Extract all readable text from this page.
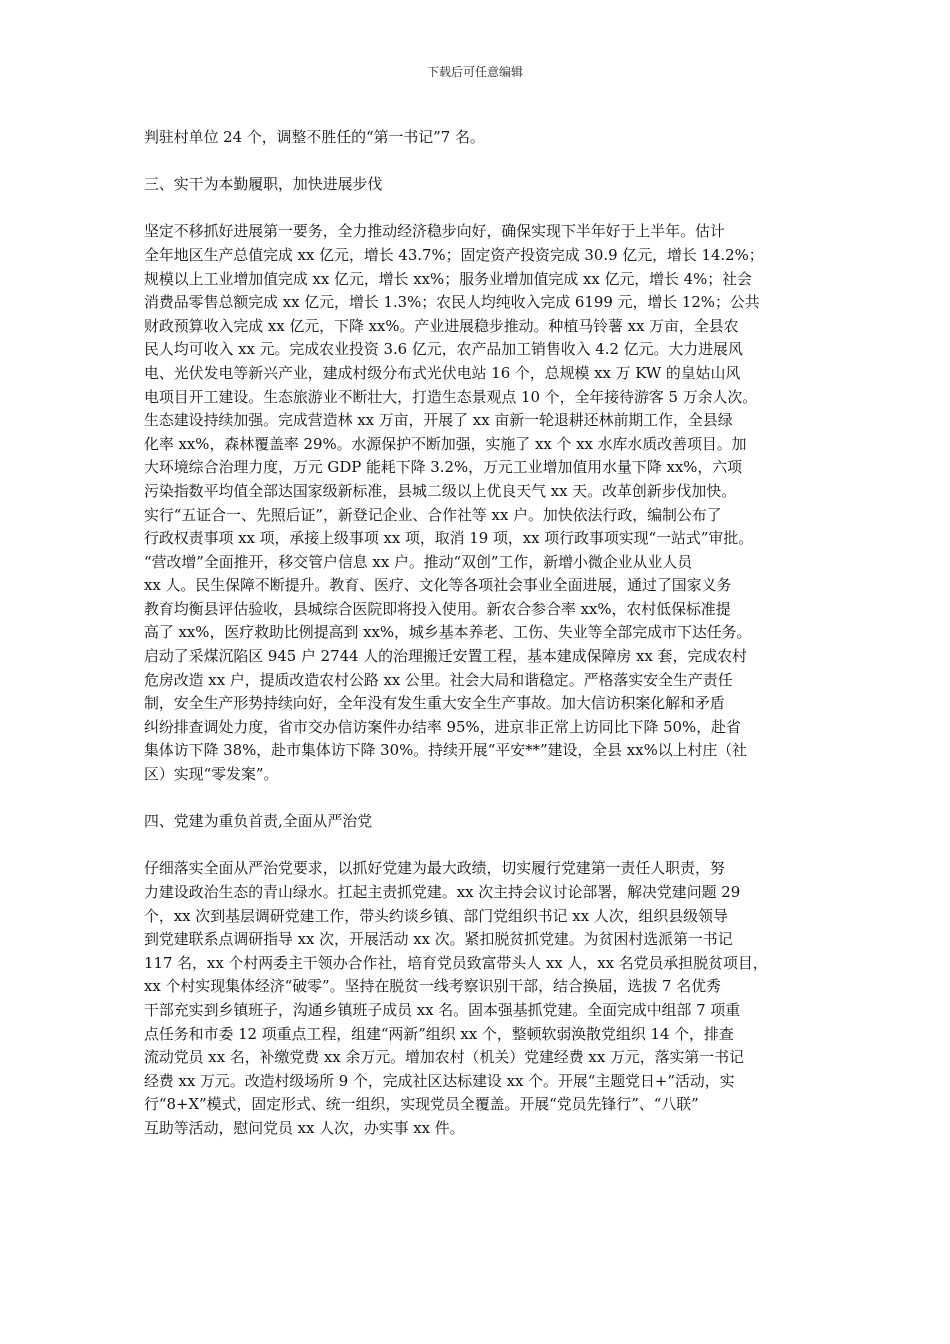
下载后可任意编辑
判驻村单位 24 个，调整不胜任的“第一书记”7 名。
三、实干为本勤履职，加快进展步伐
坚定不移抓好进展第一要务，全力推动经济稳步向好，确保实现下半年好于上半年。估计
全年地区生产总值完成 xx 亿元，增长 43.7%；固定资产投资完成 30.9 亿元，增长 14.2%；
规模以上工业增加值完成 xx 亿元，增长 xx%；服务业增加值完成 xx 亿元，增长 4%；社会
消费品零售总额完成 xx 亿元，增长 1.3%；农民人均纯收入完成 6199 元，增长 12%；公共
财政预算收入完成 xx 亿元，下降 xx%。产业进展稳步推动。种植马铃薯 xx 万亩，全县农
民人均可收入 xx 元。完成农业投资 3.6 亿元，农产品加工销售收入 4.2 亿元。大力进展风
电、光伏发电等新兴产业，建成村级分布式光伏电站 16 个，总规模 xx 万 KW 的皇姑山风
电项目开工建设。生态旅游业不断壮大，打造生态景观点 10 个，全年接待游客 5 万余人次。
生态建设持续加强。完成营造林 xx 万亩，开展了 xx 亩新一轮退耕还林前期工作，全县绿
化率 xx%，森林覆盖率 29%。水源保护不断加强，实施了 xx 个 xx 水库水质改善项目。加
大环境综合治理力度，万元 GDP 能耗下降 3.2%，万元工业增加值用水量下降 xx%，六项
污染指数平均值全部达国家级新标准，县城二级以上优良天气 xx 天。改革创新步伐加快。
实行“五证合一、先照后证”，新登记企业、合作社等 xx 户。加快依法行政，编制公布了
行政权责事项 xx 项，承接上级事项 xx 项，取消 19 项，xx 项行政事项实现“一站式”审批。
“营改增”全面推开，移交管户信息 xx 户。推动“双创”工作，新增小微企业从业人员
xx 人。民生保障不断提升。教育、医疗、文化等各项社会事业全面进展，通过了国家义务
教育均衡县评估验收，县城综合医院即将投入使用。新农合参合率 xx%，农村低保标准提
高了 xx%，医疗救助比例提高到 xx%，城乡基本养老、工伤、失业等全部完成市下达任务。
启动了采煤沉陷区 945 户 2744 人的治理搬迁安置工程，基本建成保障房 xx 套，完成农村
危房改造 xx 户，提质改造农村公路 xx 公里。社会大局和谐稳定。严格落实安全生产责任
制，安全生产形势持续向好，全年没有发生重大安全生产事故。加大信访积案化解和矛盾
纠纷排查调处力度，省市交办信访案件办结率 95%，进京非正常上访同比下降 50%，赴省
集体访下降 38%，赴市集体访下降 30%。持续开展“平安**”建设，全县 xx%以上村庄（社
区）实现“零发案”。
四、党建为重负首责,全面从严治党
仔细落实全面从严治党要求，以抓好党建为最大政绩，切实履行党建第一责任人职责，努
力建设政治生态的青山绿水。扛起主责抓党建。xx 次主持会议讨论部署，解决党建问题 29
个，xx 次到基层调研党建工作，带头约谈乡镇、部门党组织书记 xx 人次，组织县级领导
到党建联系点调研指导 xx 次，开展活动 xx 次。紧扣脱贫抓党建。为贫困村选派第一书记
117 名，xx 个村两委主干领办合作社，培育党员致富带头人 xx 人，xx 名党员承担脱贫项目，
xx 个村实现集体经济“破零”。坚持在脱贫一线考察识别干部，结合换届，选拔 7 名优秀
干部充实到乡镇班子，沟通乡镇班子成员 xx 名。固本强基抓党建。全面完成中组部 7 项重
点任务和市委 12 项重点工程，组建“两新”组织 xx 个，整顿软弱涣散党组织 14 个，排查
流动党员 xx 名，补缴党费 xx 余万元。增加农村（机关）党建经费 xx 万元，落实第一书记
经费 xx 万元。改造村级场所 9 个，完成社区达标建设 xx 个。开展“主题党日+”活动，实
行“8+X”模式，固定形式、统一组织，实现党员全覆盖。开展“党员先锋行”、“八联”
互助等活动，慰问党员 xx 人次，办实事 xx 件。
